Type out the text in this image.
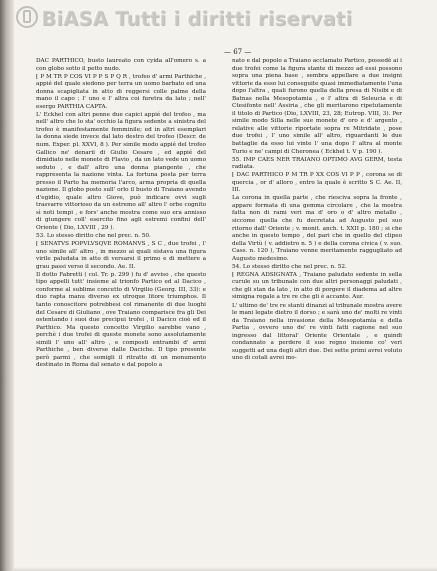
BiASA Tutti i diritti riservati
— 67 —

DAC PARTHICO, busto laureato con cyida all'omero s. a con globo sotto il petto nudo.

⁅ P M TR P COS VI P P S P Q R , trofeo d' armi Parthiche , appié del quale siedono per terra un uomo barbato ed una donna scapigliata in atto di reggersi colle palme della mano il capo ; l' uno e l' altra coi furetra da lato ; nell' esergo PARTHIA CAPTA.

L' Eckhel con altri penne due capici appié del trofeo , ma nell' altro che lo sta' occhio la figura sedente a sinistra del trofeo è manifestamente femminile; ed in altri esemplari la donna siede invece dal lato destro del trofeo (Descr. de num. Exper. pl. XXVI, 8 ). Per simile modo appié del trofeo Gallico ne' denarii di Giulio Cesare , ed appié del dimidiato nelle monete di Flavio , da un lato vede un uomo seduto , e dall' altro una donna piangente , che rappresenta la nazione vinta. La fortuna posta per terra presso il Parto ha memoria l'arco, arma propria di quella nazione. Il globo posto sull' orlo il busto di Traiano avendo d'egidio, quale altro Giove, può indicare ovvi sugli trasvarre vittorioso da un estremo all' altro l' orbe cognito sì noti tempi , e fors' anche mostra come suo era annisso di giungere coll' esercito fino agli estremi confini dell' Oriente ( Dio, LXVIII , 29 ).

53. Lo stesso diritto che nel prec. n. 50.

⁅ SENATVS POPVLVSQVE ROMANVS , S C , due trofei , l' uno simile all' altro , in mezzo ai quali sistava una figura virile paludata in atto di versarsi il primo e di mettere a grau passi verso il secondo. Ae. II.

Il dotto Fabretti ( col. Tr. p. 299 ) fu d' avviso , che questo tipo appelli tutt' insieme al trionfo Partico ed al Dacico , conforme al sublime concetto di Virgilio (Georg. III, 33): e duo rapta manu diverso ex utroque litore triumphos. Il tanto conoscitore potrebbesi col rimanente di due luoghi del Cesare di Giuliano , ove Traiano comparisce fra gli Dei ostentando i suoi due precipui trofei , il Dacico cioè ed il Parthico. Ma questo concetto Virgilio sarebbe vano , perchè i due trofei di queste monete sono assolutamente simili l' uno all' altro , e composti entrambi d' armi Parthiche , ben diverse dalle Daciche. Il tipo presente però parmi , che somigli il ritratto di un monumento destinato in Roma dal senato e dal popolo a

nato e dal popolo a Traiano acclamato Partico, possedè ai i due trofei come la figura stante di mezzo ad essi possono sopra una piena base , sembra appellare a due insigni vittorie da esso lui conseguite quasi immediatamente l'una dopo l'altra , quali furono quella della presa di Nisibi e di Batnas nella Mesopotamia , e l' altra di Seleucia e di Ctesifonte nell' Assiria , che gli meritarono ripetutamente il titolo di Partico (Dio, LXVIII, 23, 28; Eutrop. VIII, 3). Per simile modo Silla nelle sue monete d' oro e d' argento , relative alle vittorie riportate sopra re Mitridate , pose due trofei , l' uno simile all' altro, riguardanti le due battaglie da esso lui vinte l' una dopo l' altra al monte Turio e ne' campi di Cheronea ( Eckhel t. V p. 190 ).

55. IMP CAES NER TRAIANO OPTIMO AVG GERM, testa radiata.

⁅ DAC PARTHICO P M TR P XX COS VI P P , corona se di quercia , or d' alloro , entro la quale è scritto S C. Ae. II, III.

La corona in quella parte , che riesciva sopra la fronte , appare formata di una gemma circolare , che la mostra fatta non di rami veri ma d' oro o d' altro metallo , siccome quella che fu decretata ad Augusto pel suo ritorno dall' Oriente ; v. monit. anch. t. XXII p. 180 ; si che anche in questo tempo , del pari che in quello del clipeo della Virtù ( v. addietro n. 5 ) e della corona civica ( v. suo. Cass. n. 120 ), Traiano venne meritamente raggugliato ad Augusto medesimo.

54. Lo stesso diritto che nel prec. n. 52.

⁅ REGNA ADSIGNATA , Traiano paludato sedente in sella curule su un tribunale con due altri personaggi paludati , che gli stan da lato , in atto di porgere il diadema ad altre simigna regale a tre re che gli è accanto. Aur.

L' ultimo de' tre re stanti dinanzi al tribunale mostra avere le mani legate dietro il dorso ; e sarà uno de' molti re vinti da Traiano nella invasione della Mesopotamia e della Partia , ovvero uno de' re vinti fatti cagione nel suo ingresso dal littoral' Oriente Orientale , e quindi condannato a perdere il suo regno insieme co' veri suggetti ad una degli altri due. Dei sette primi avrei voluto uno di cotali avrei mo-
